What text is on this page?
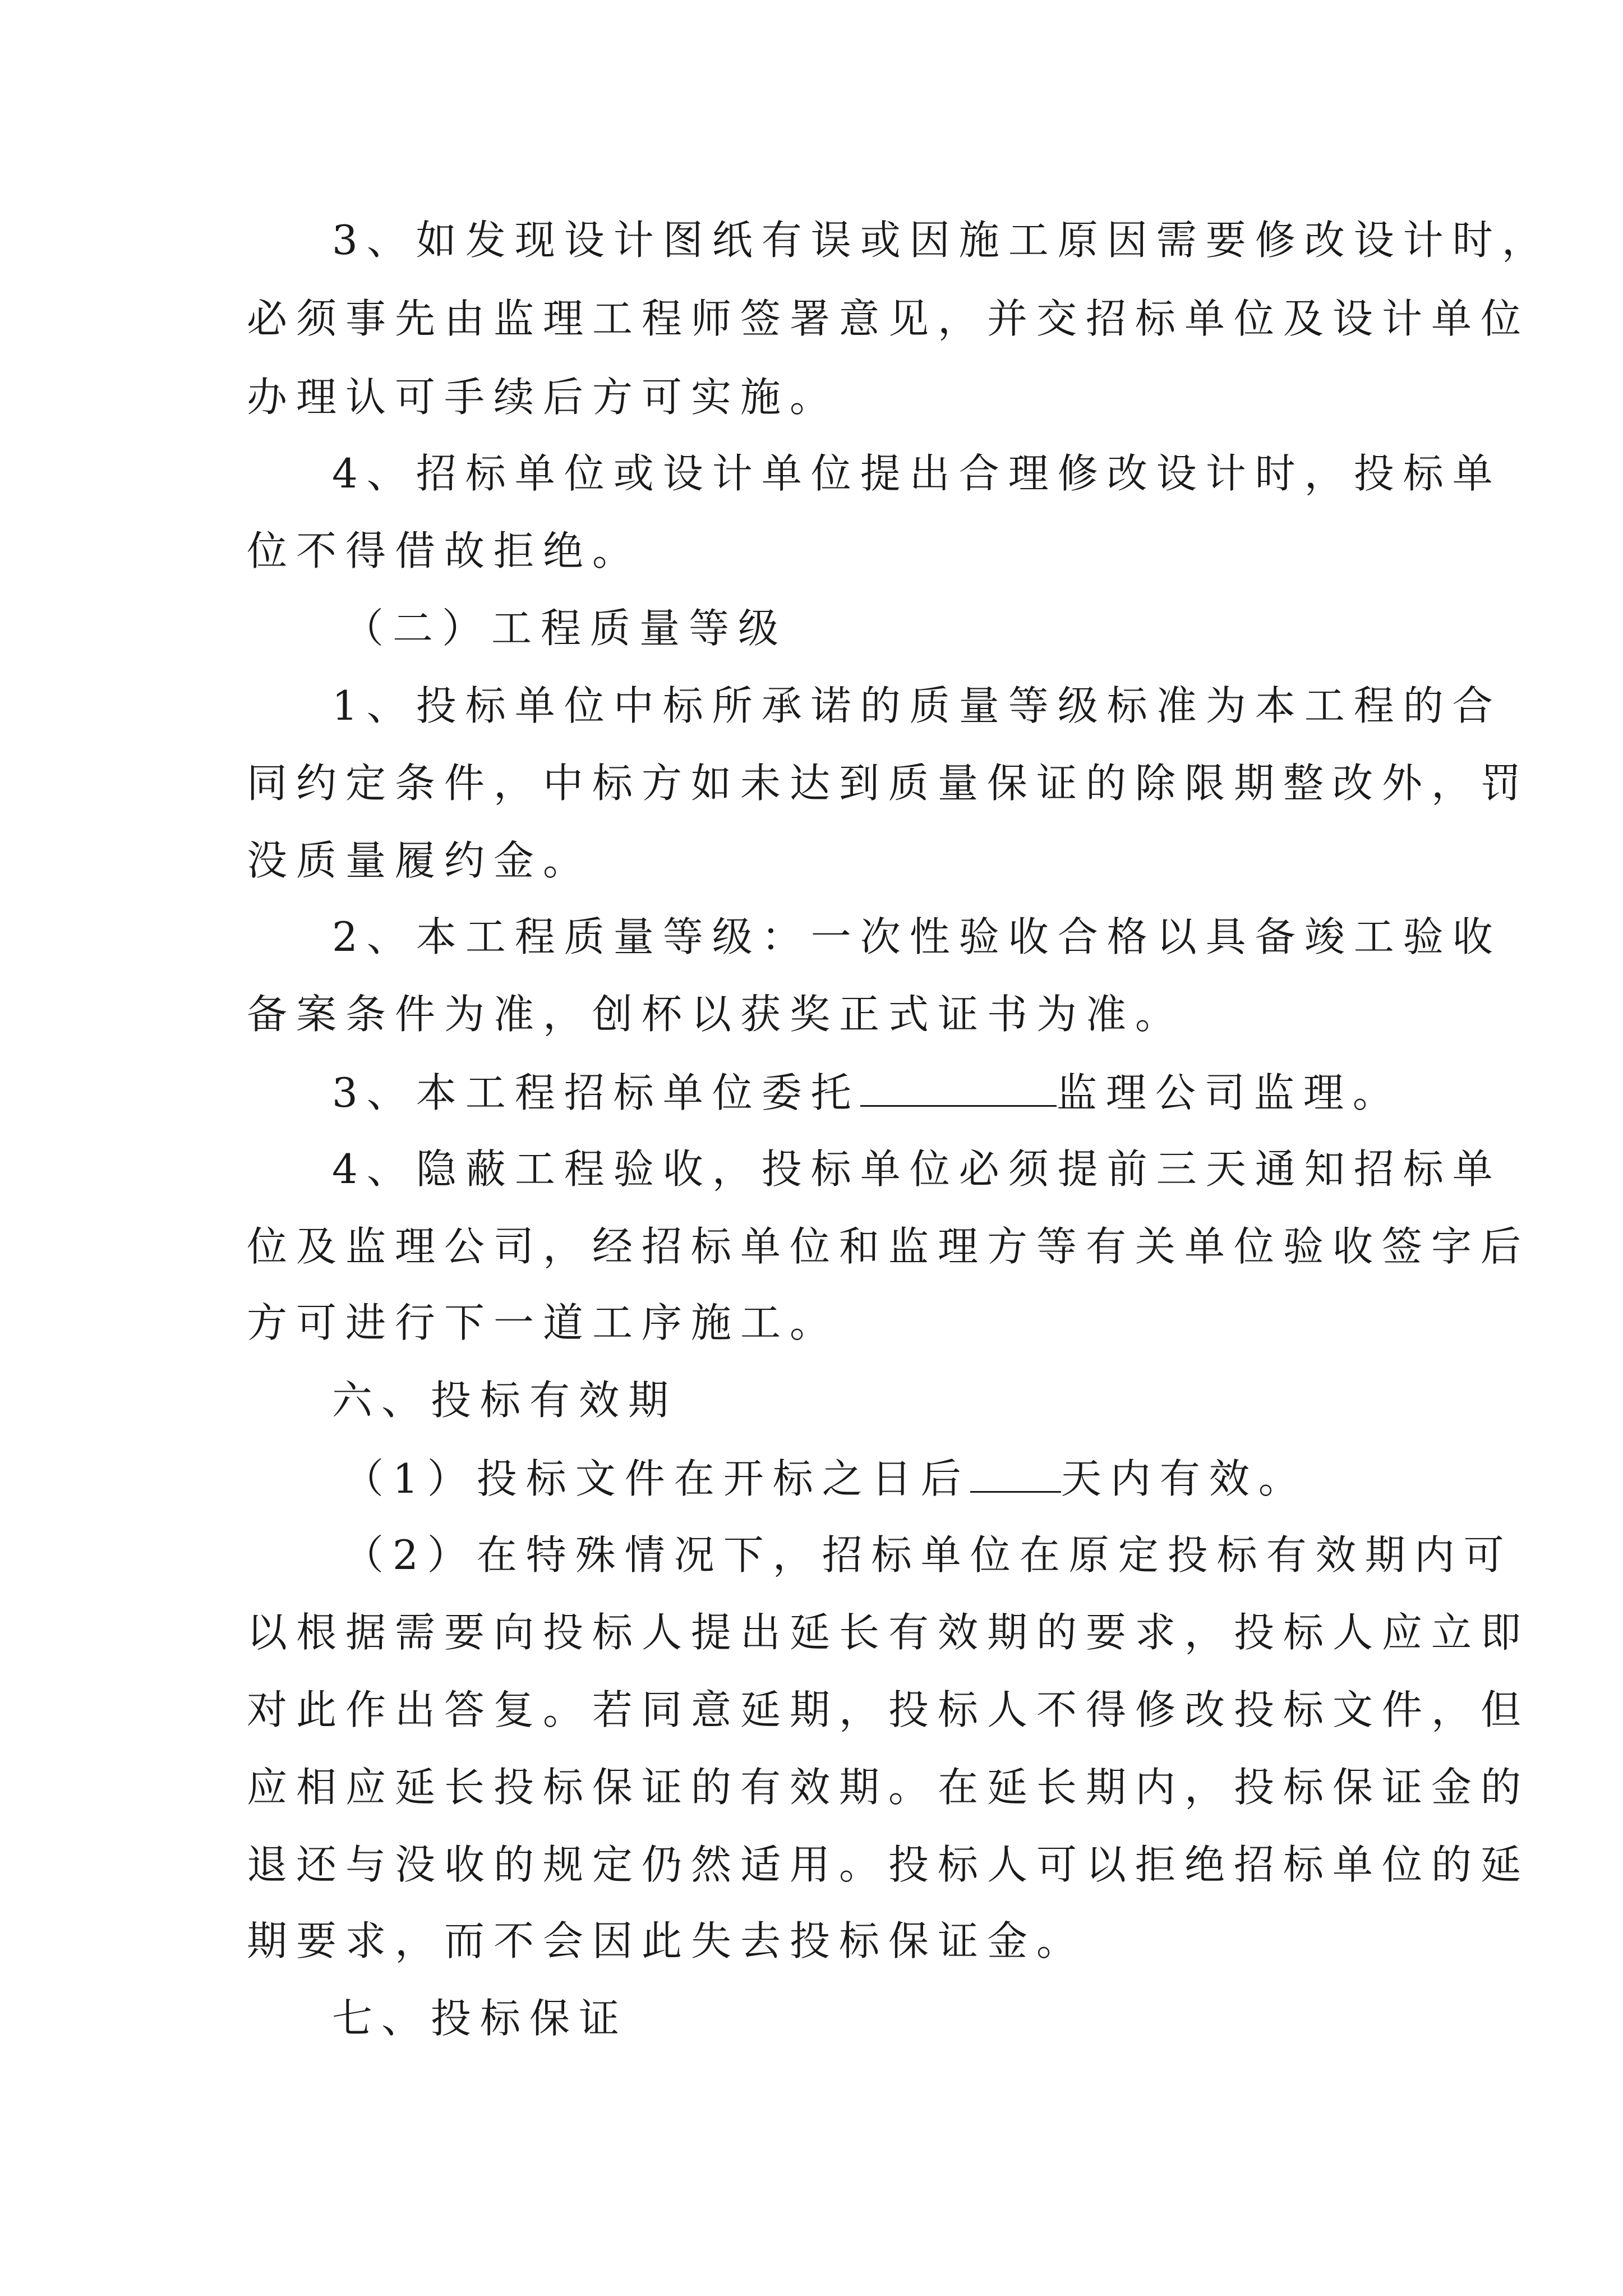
3、如发现设计图纸有误或因施工原因需要修改设计时，
必须事先由监理工程师签署意见，并交招标单位及设计单位
办理认可手续后方可实施。
4、招标单位或设计单位提出合理修改设计时，投标单
位不得借故拒绝。
（二）工程质量等级
1、投标单位中标所承诺的质量等级标准为本工程的合
同约定条件，中标方如未达到质量保证的除限期整改外，罚
没质量履约金。
2、本工程质量等级：一次性验收合格以具备竣工验收
备案条件为准，创杯以获奖正式证书为准。
3、本工程招标单位委托	监理公司监理。
4、隐蔽工程验收，投标单位必须提前三天通知招标单
位及监理公司，经招标单位和监理方等有关单位验收签字后
方可进行下一道工序施工。
六、投标有效期
（1）投标文件在开标之日后 天内有效。
（2）在特殊情况下，招标单位在原定投标有效期内可
以根据需要向投标人提出延长有效期的要求，投标人应立即
对此作出答复。若同意延期，投标人不得修改投标文件，但
应相应延长投标保证的有效期。在延长期内，投标保证金的
退还与没收的规定仍然适用。投标人可以拒绝招标单位的延
期要求，而不会因此失去投标保证金。
七、投标保证
